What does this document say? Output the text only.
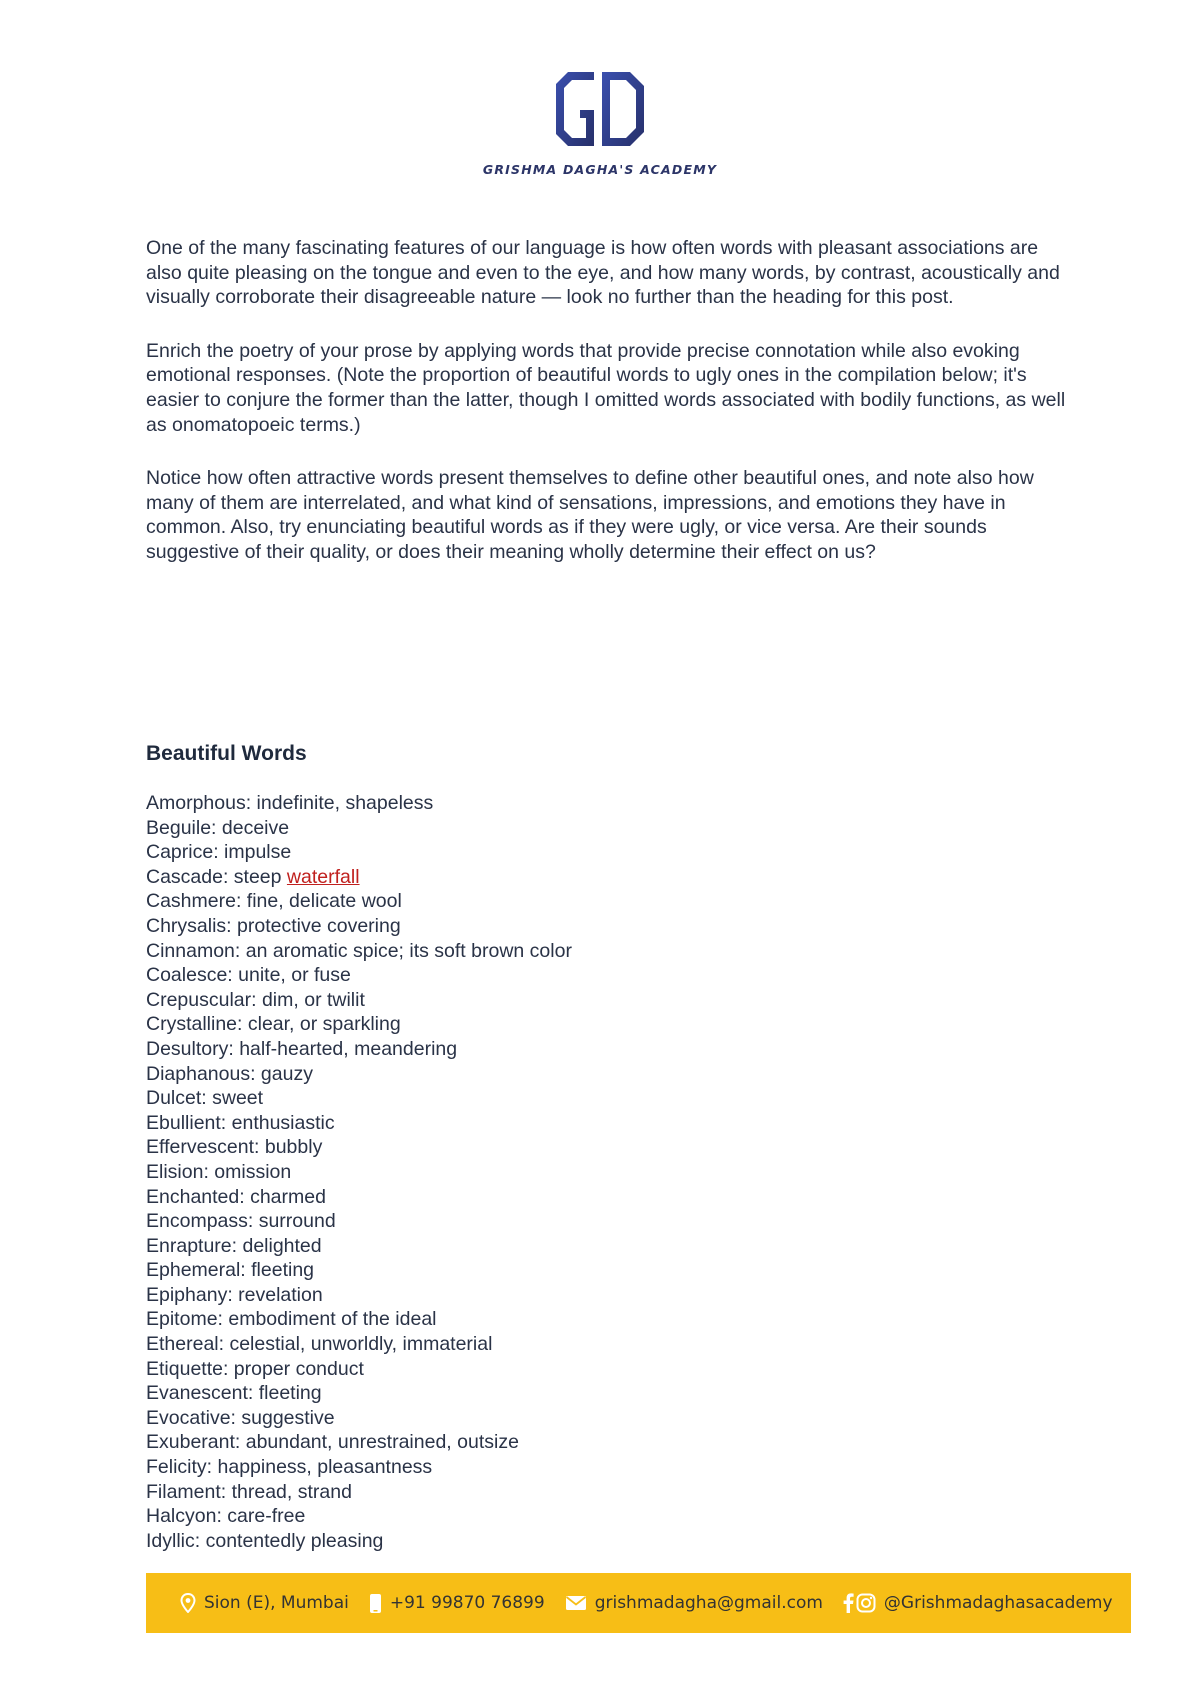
GRISHMA DAGHA'S ACADEMY

One of the many fascinating features of our language is how often words with pleasant associations are also quite pleasing on the tongue and even to the eye, and how many words, by contrast, acoustically and visually corroborate their disagreeable nature — look no further than the heading for this post.

Enrich the poetry of your prose by applying words that provide precise connotation while also evoking emotional responses. (Note the proportion of beautiful words to ugly ones in the compilation below; it's easier to conjure the former than the latter, though I omitted words associated with bodily functions, as well as onomatopoeic terms.)

Notice how often attractive words present themselves to define other beautiful ones, and note also how many of them are interrelated, and what kind of sensations, impressions, and emotions they have in common. Also, try enunciating beautiful words as if they were ugly, or vice versa. Are their sounds suggestive of their quality, or does their meaning wholly determine their effect on us?

Beautiful Words
Amorphous: indefinite, shapeless
Beguile: deceive
Caprice: impulse
Cascade: steep waterfall
Cashmere: fine, delicate wool
Chrysalis: protective covering
Cinnamon: an aromatic spice; its soft brown color
Coalesce: unite, or fuse
Crepuscular: dim, or twilit
Crystalline: clear, or sparkling
Desultory: half-hearted, meandering
Diaphanous: gauzy
Dulcet: sweet
Ebullient: enthusiastic
Effervescent: bubbly
Elision: omission
Enchanted: charmed
Encompass: surround
Enrapture: delighted
Ephemeral: fleeting
Epiphany: revelation
Epitome: embodiment of the ideal
Ethereal: celestial, unworldly, immaterial
Etiquette: proper conduct
Evanescent: fleeting
Evocative: suggestive
Exuberant: abundant, unrestrained, outsize
Felicity: happiness, pleasantness
Filament: thread, strand
Halcyon: care-free
Idyllic: contentedly pleasing
Sion (E), Mumbai +91 99870 76899	grishmadagha@gmail.com	@Grishmadaghasacademy
